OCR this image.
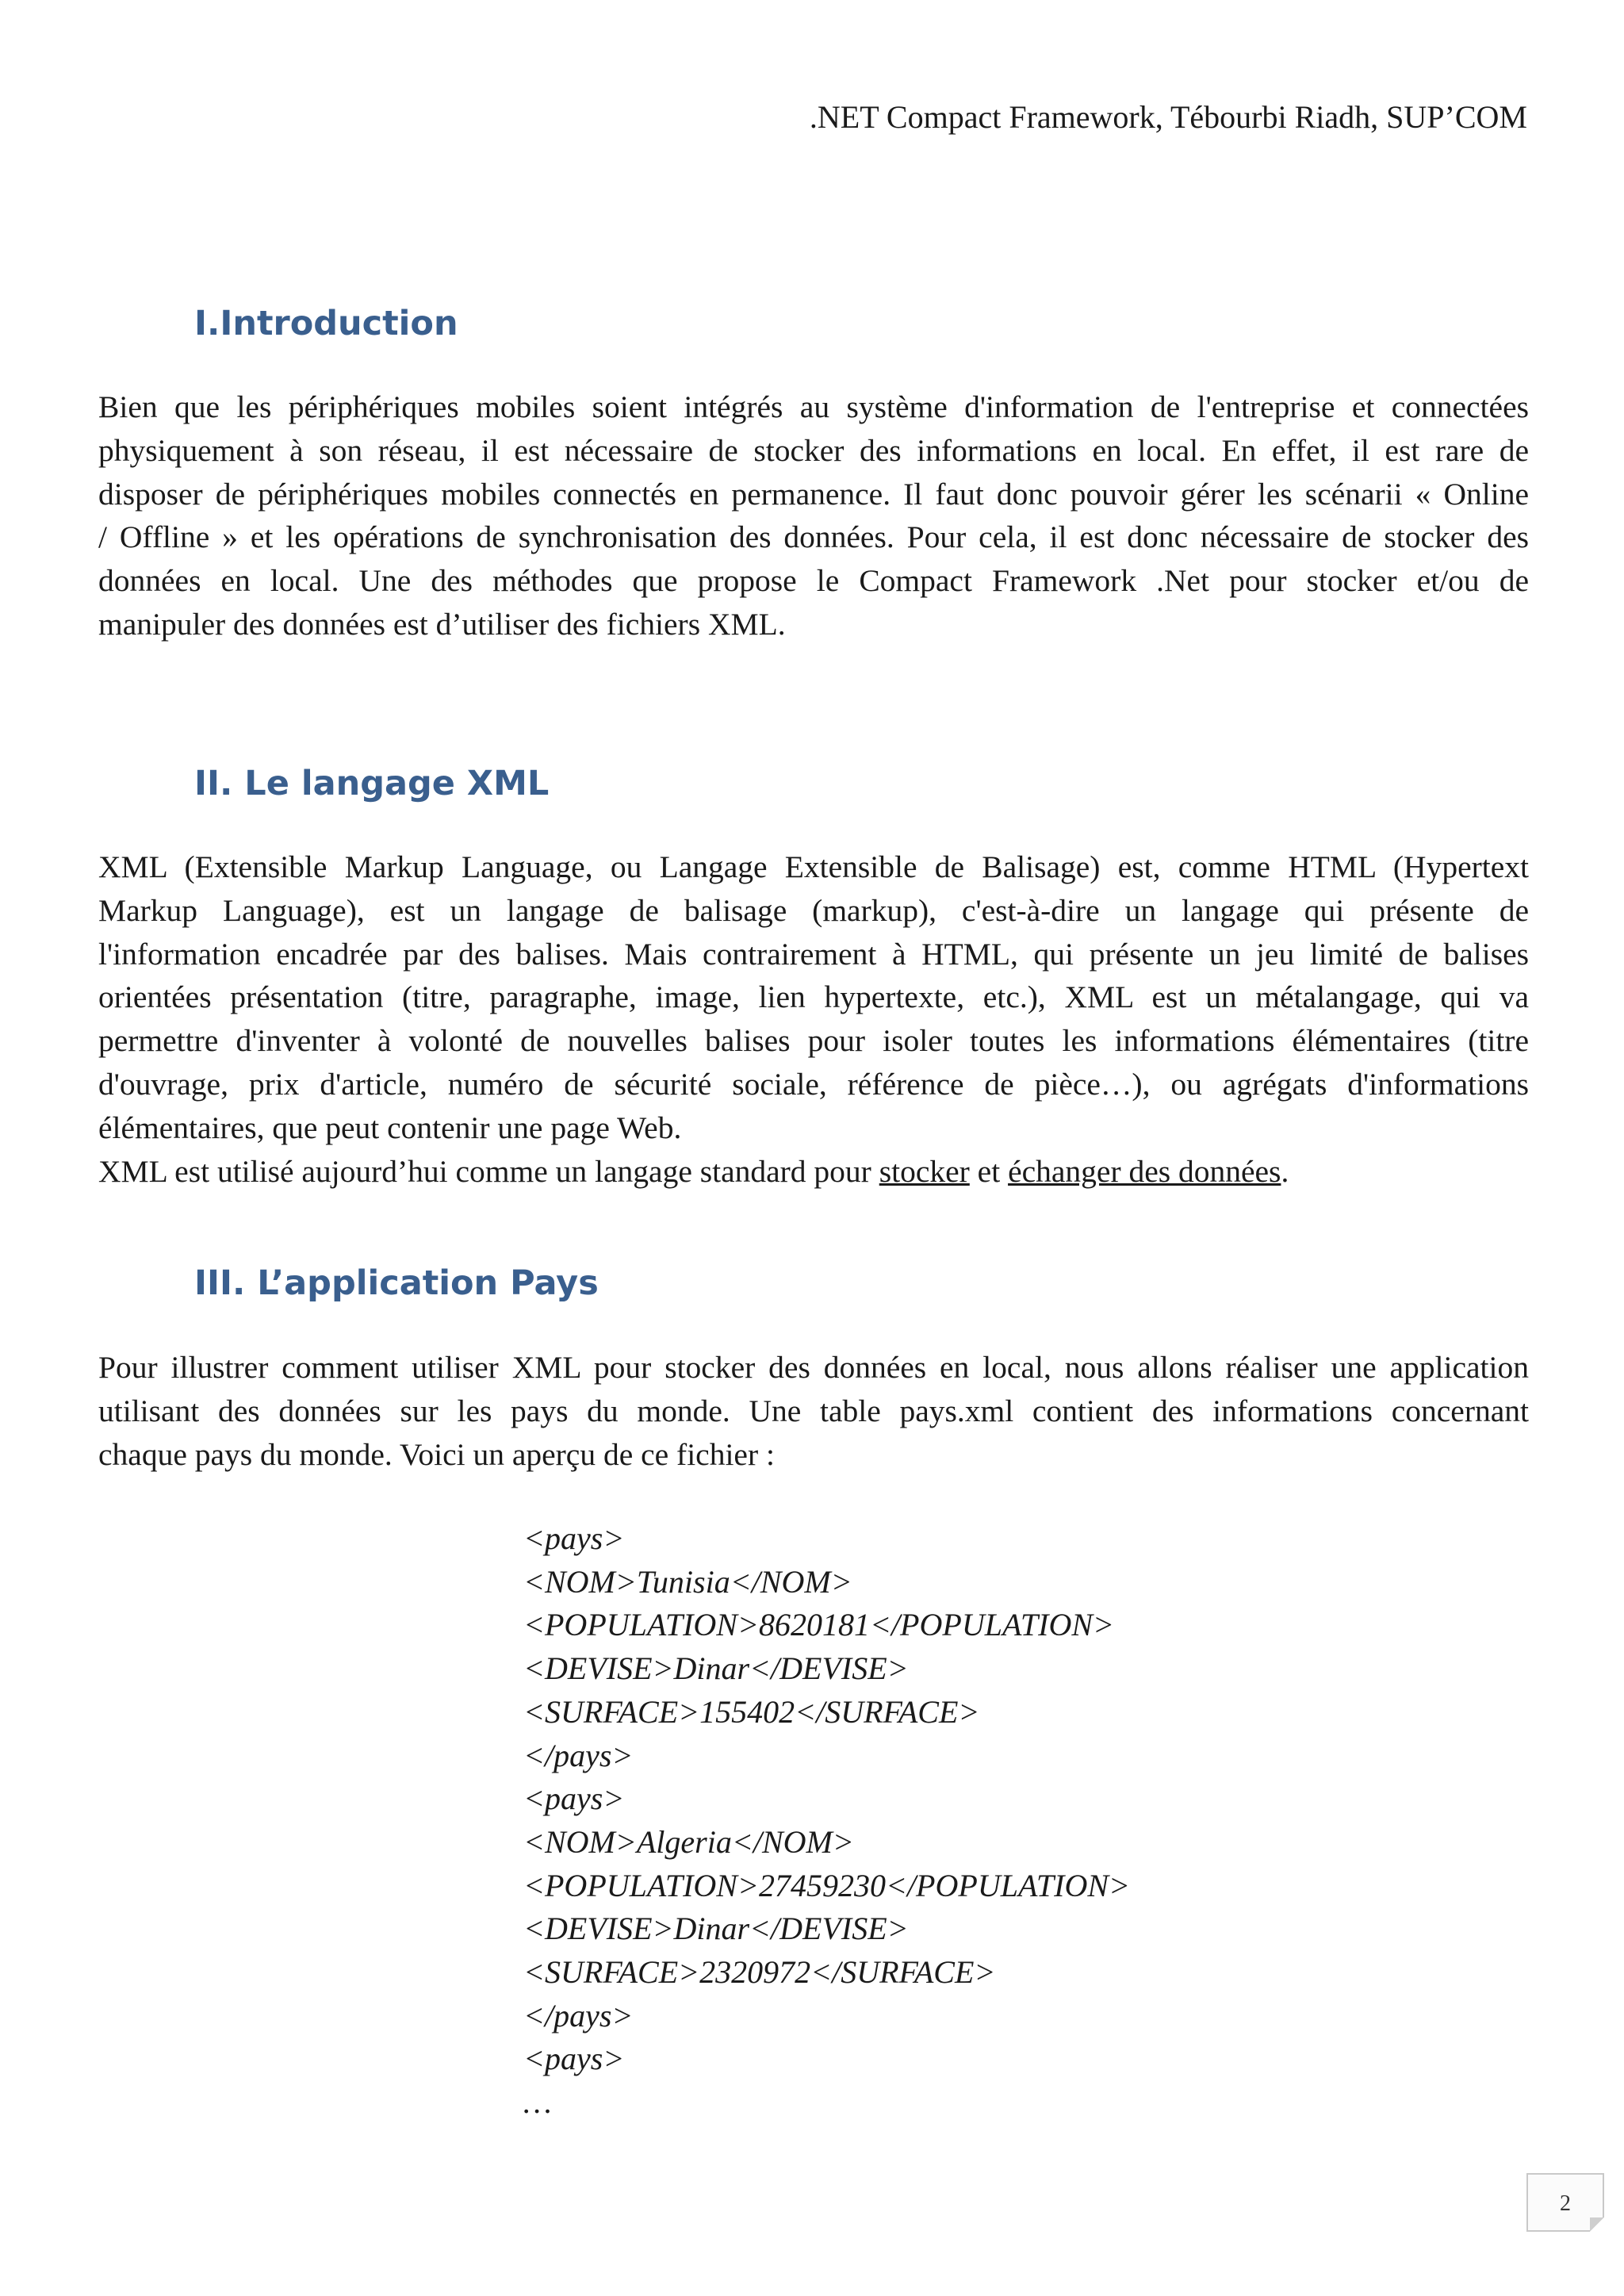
.NET Compact Framework, Tébourbi Riadh, SUP’COM
I.Introduction
Bien que les périphériques mobiles soient intégrés au système d'information de l'entreprise et connectées
physiquement à son réseau, il est nécessaire de stocker des informations en local. En effet, il est rare de
disposer de périphériques mobiles connectés en permanence. Il faut donc pouvoir gérer les scénarii « Online
/ Offline » et les opérations de synchronisation des données. Pour cela, il est donc nécessaire de stocker des
données en local. Une des méthodes que propose le Compact Framework .Net pour stocker et/ou de
manipuler des données est d’utiliser des fichiers XML.
II. Le langage XML
XML (Extensible Markup Language, ou Langage Extensible de Balisage) est, comme HTML (Hypertext
Markup Language), est un langage de balisage (markup), c'est-à-dire un langage qui présente de
l'information encadrée par des balises. Mais contrairement à HTML, qui présente un jeu limité de balises
orientées présentation (titre, paragraphe, image, lien hypertexte, etc.), XML est un métalangage, qui va
permettre d'inventer à volonté de nouvelles balises pour isoler toutes les informations élémentaires (titre
d'ouvrage, prix d'article, numéro de sécurité sociale, référence de pièce…), ou agrégats d'informations
élémentaires, que peut contenir une page Web.
XML est utilisé aujourd’hui comme un langage standard pour stocker et échanger des données.
III. L’application Pays
Pour illustrer comment utiliser XML pour stocker des données en local, nous allons réaliser une application
utilisant des données sur les pays du monde. Une table pays.xml contient des informations concernant
chaque pays du monde. Voici un aperçu de ce fichier :
<pays>
<NOM>Tunisia</NOM>
<POPULATION>8620181</POPULATION>
<DEVISE>Dinar</DEVISE>
<SURFACE>155402</SURFACE>
</pays>
<pays>
<NOM>Algeria</NOM>
<POPULATION>27459230</POPULATION>
<DEVISE>Dinar</DEVISE>
<SURFACE>2320972</SURFACE>
</pays>
<pays>
…
2
